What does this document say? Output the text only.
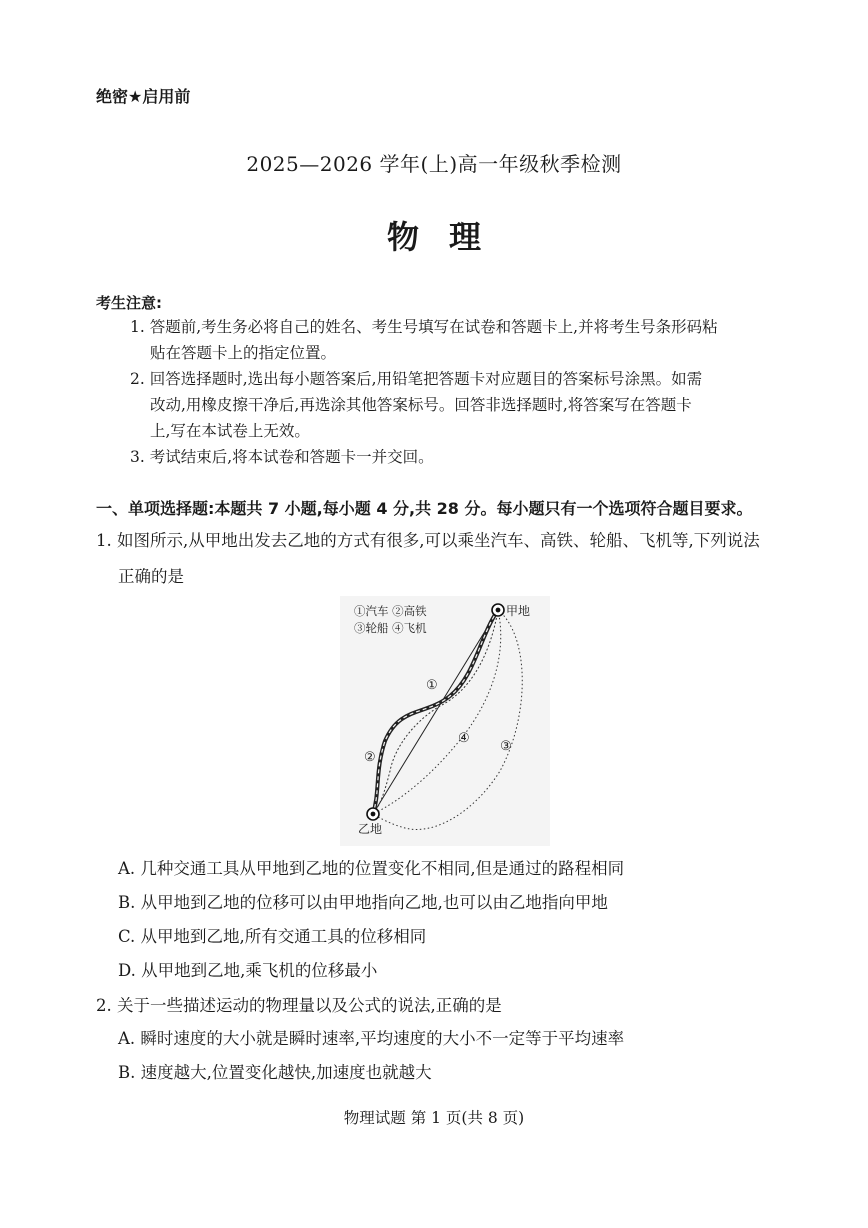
绝密★启用前
2025—2026 学年(上)高一年级秋季检测
物理
考生注意:
1. 答题前,考生务必将自己的姓名、考生号填写在试卷和答题卡上,并将考生号条形码粘
贴在答题卡上的指定位置。
2. 回答选择题时,选出每小题答案后,用铅笔把答题卡对应题目的答案标号涂黑。如需
改动,用橡皮擦干净后,再选涂其他答案标号。回答非选择题时,将答案写在答题卡
上,写在本试卷上无效。
3. 考试结束后,将本试卷和答题卡一并交回。
一、单项选择题:本题共 7 小题,每小题 4 分,共 28 分。每小题只有一个选项符合题目要求。
1. 如图所示,从甲地出发去乙地的方式有很多,可以乘坐汽车、高铁、轮船、飞机等,下列说法
正确的是
①汽车 ②高铁
③轮船 ④飞机
甲地
乙地
①
②
③
④
A. 几种交通工具从甲地到乙地的位置变化不相同,但是通过的路程相同
B. 从甲地到乙地的位移可以由甲地指向乙地,也可以由乙地指向甲地
C. 从甲地到乙地,所有交通工具的位移相同
D. 从甲地到乙地,乘飞机的位移最小
2. 关于一些描述运动的物理量以及公式的说法,正确的是
A. 瞬时速度的大小就是瞬时速率,平均速度的大小不一定等于平均速率
B. 速度越大,位置变化越快,加速度也就越大
物理试题 第 1 页(共 8 页)
